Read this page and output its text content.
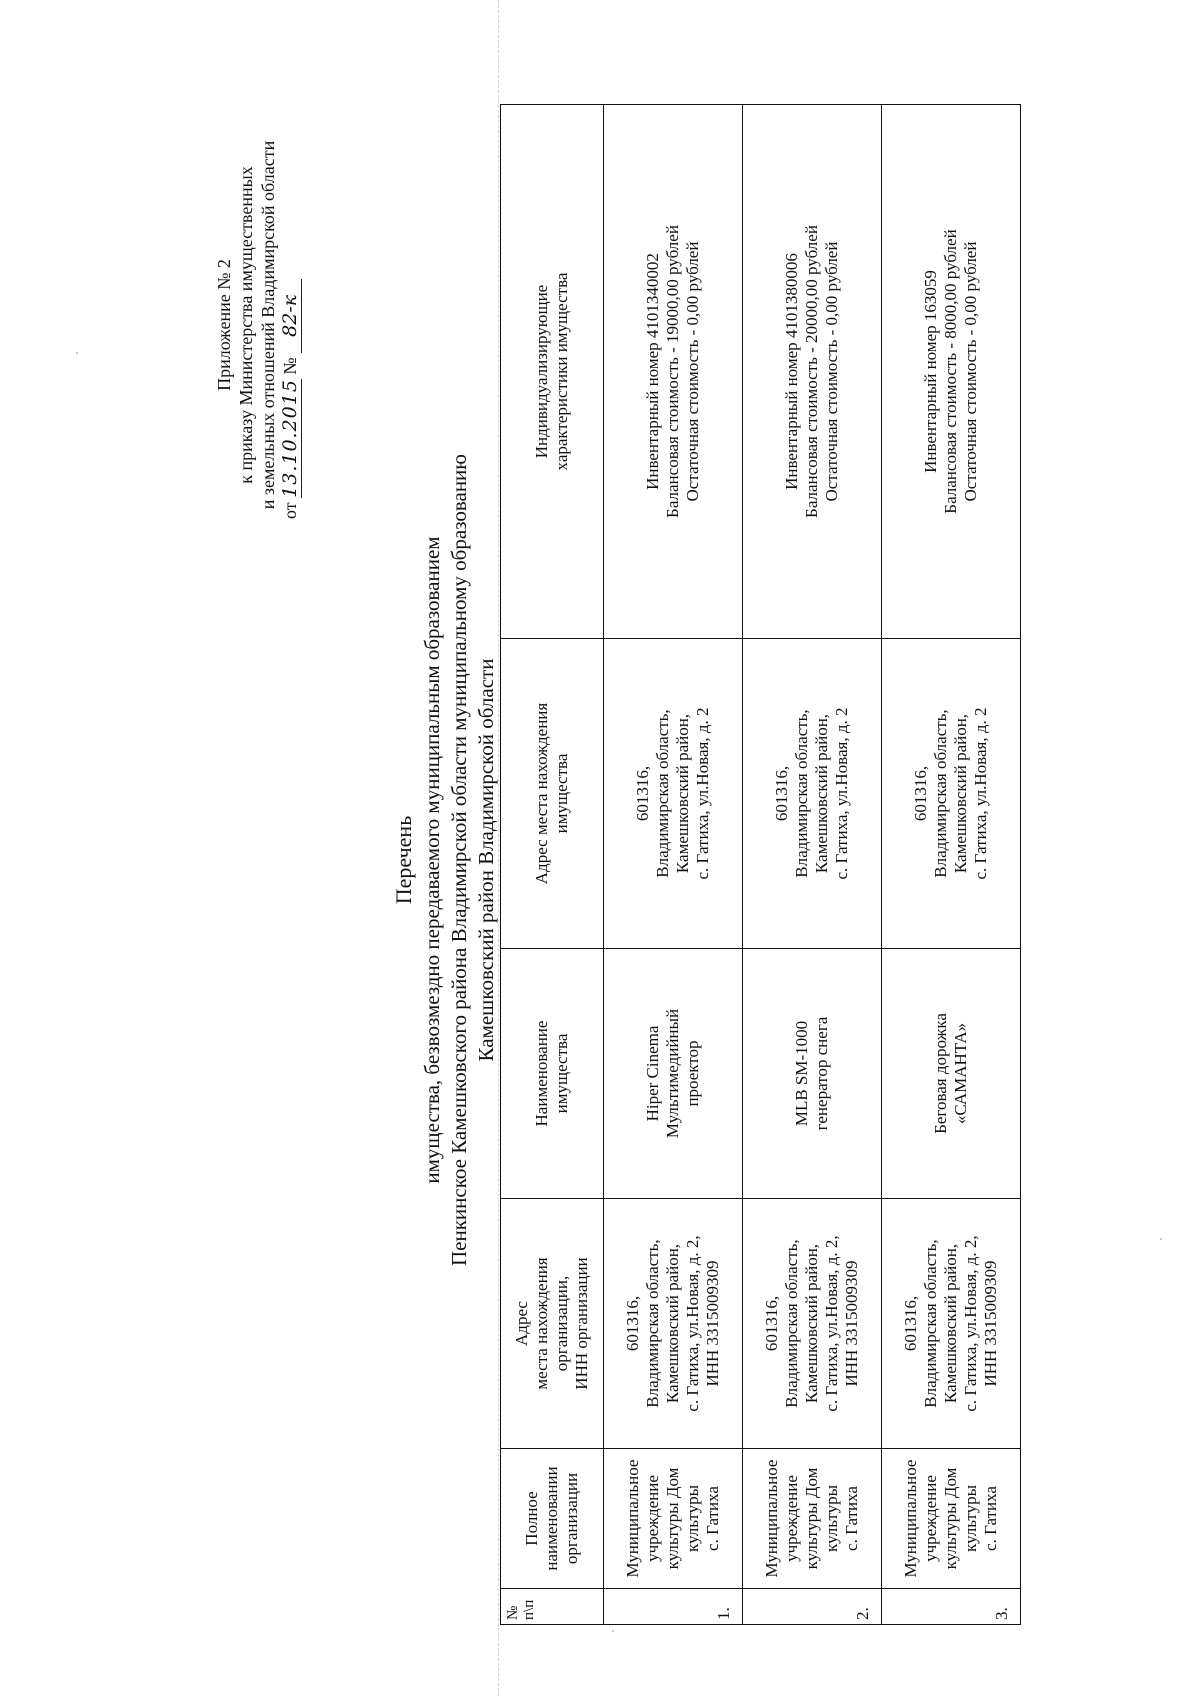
Приложение № 2 к приказу Министерства имущественных и земельных отношений Владимирской области
от 13.10.2015 № 82-к
Перечень имущества, безвозмездно передаваемого муниципальным образованием Пенкинское Камешковского района Владимирской области муниципальному образованию Камешковский район Владимирской области
№ п\п	Полное наименовании организации	Адрес места нахождения организации, ИНН организации	Наименование имущества	Адрес места нахождения имущества	Индивидуализирующие характеристики имущества

1.	Муниципальное учреждение культуры Дом культуры с. Гатиха	601316, Владимирская область, Камешковский район, с. Гатиха, ул.Новая, д. 2, ИНН 3315009309	Hiper Cinema Мультимедийный проектор	601316, Владимирская область, Камешковский район, с. Гатиха, ул.Новая, д. 2	Инвентарный номер 4101340002 Балансовая стоимость - 19000,00 рублей Остаточная стоимость - 0,00 рублей

2.	Муниципальное учреждение культуры Дом культуры с. Гатиха	601316, Владимирская область, Камешковский район, с. Гатиха, ул.Новая, д. 2, ИНН 3315009309	MLB SM-1000 генератор снега	601316, Владимирская область, Камешковский район, с. Гатиха, ул.Новая, д. 2	Инвентарный номер 4101380006 Балансовая стоимость - 20000,00 рублей Остаточная стоимость - 0,00 рублей

3.	Муниципальное учреждение культуры Дом культуры с. Гатиха	601316, Владимирская область, Камешковский район, с. Гатиха, ул.Новая, д. 2, ИНН 3315009309	Беговая дорожка «САМАНТА»	601316, Владимирская область, Камешковский район, с. Гатиха, ул.Новая, д. 2	Инвентарный номер 163059 Балансовая стоимость - 8000,00 рублей Остаточная стоимость - 0,00 рублей
